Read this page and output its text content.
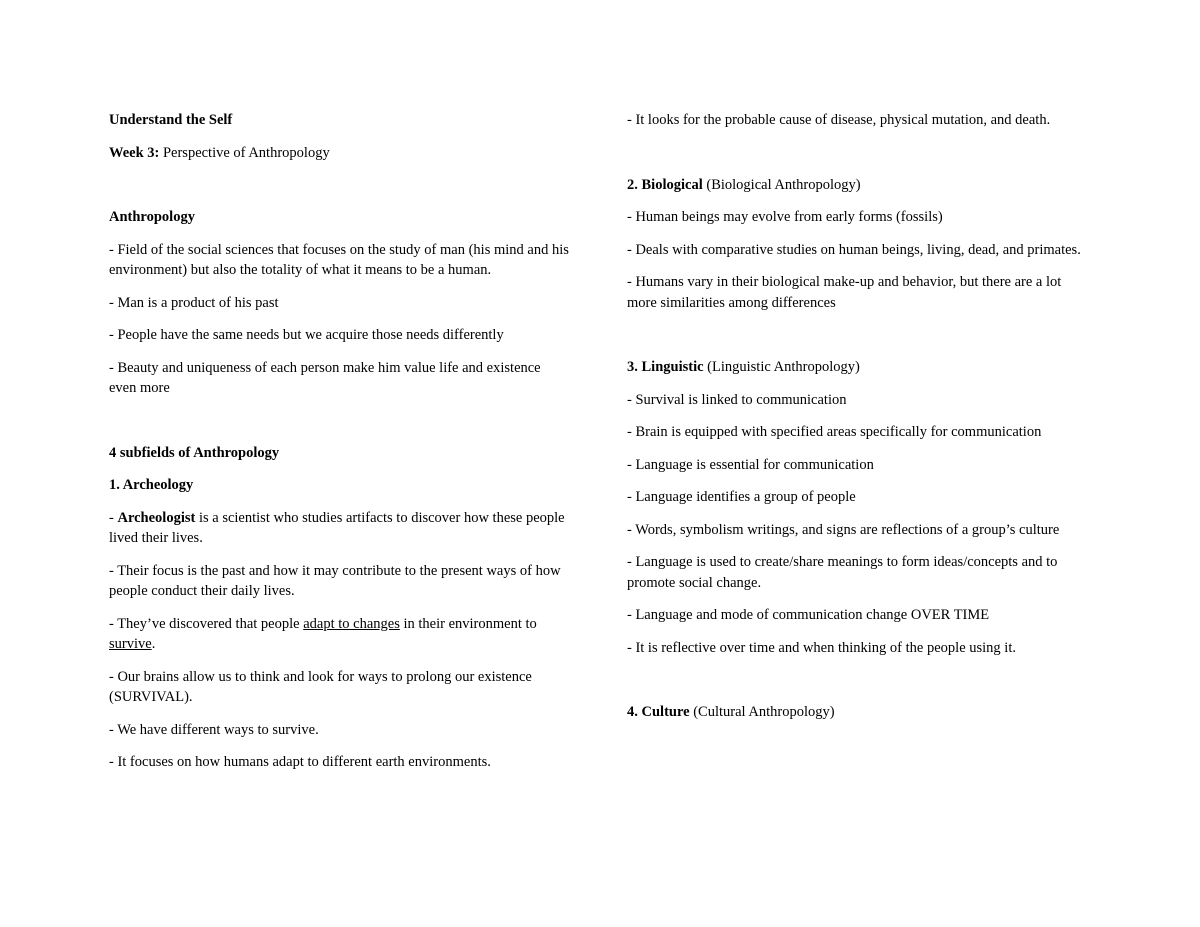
Understand the Self

Week 3: Perspective of Anthropology

Anthropology

- Field of the social sciences that focuses on the study of man (his mind and his environment) but also the totality of what it means to be a human.

- Man is a product of his past

- People have the same needs but we acquire those needs differently

- Beauty and uniqueness of each person make him value life and existence even more

4 subfields of Anthropology

1. Archeology

- Archeologist is a scientist who studies artifacts to discover how these people lived their lives.

- Their focus is the past and how it may contribute to the present ways of how people conduct their daily lives.

- They’ve discovered that people adapt to changes in their environment to survive.

- Our brains allow us to think and look for ways to prolong our existence (SURVIVAL).

- We have different ways to survive.

- It focuses on how humans adapt to different earth environments.

- It looks for the probable cause of disease, physical mutation, and death.

2. Biological (Biological Anthropology)

- Human beings may evolve from early forms (fossils)

- Deals with comparative studies on human beings, living, dead, and primates.

- Humans vary in their biological make-up and behavior, but there are a lot more similarities among differences

3. Linguistic (Linguistic Anthropology)

- Survival is linked to communication

- Brain is equipped with specified areas specifically for communication

- Language is essential for communication

- Language identifies a group of people

- Words, symbolism writings, and signs are reflections of a group’s culture

- Language is used to create/share meanings to form ideas/concepts and to promote social change.

- Language and mode of communication change OVER TIME

- It is reflective over time and when thinking of the people using it.

4. Culture (Cultural Anthropology)
